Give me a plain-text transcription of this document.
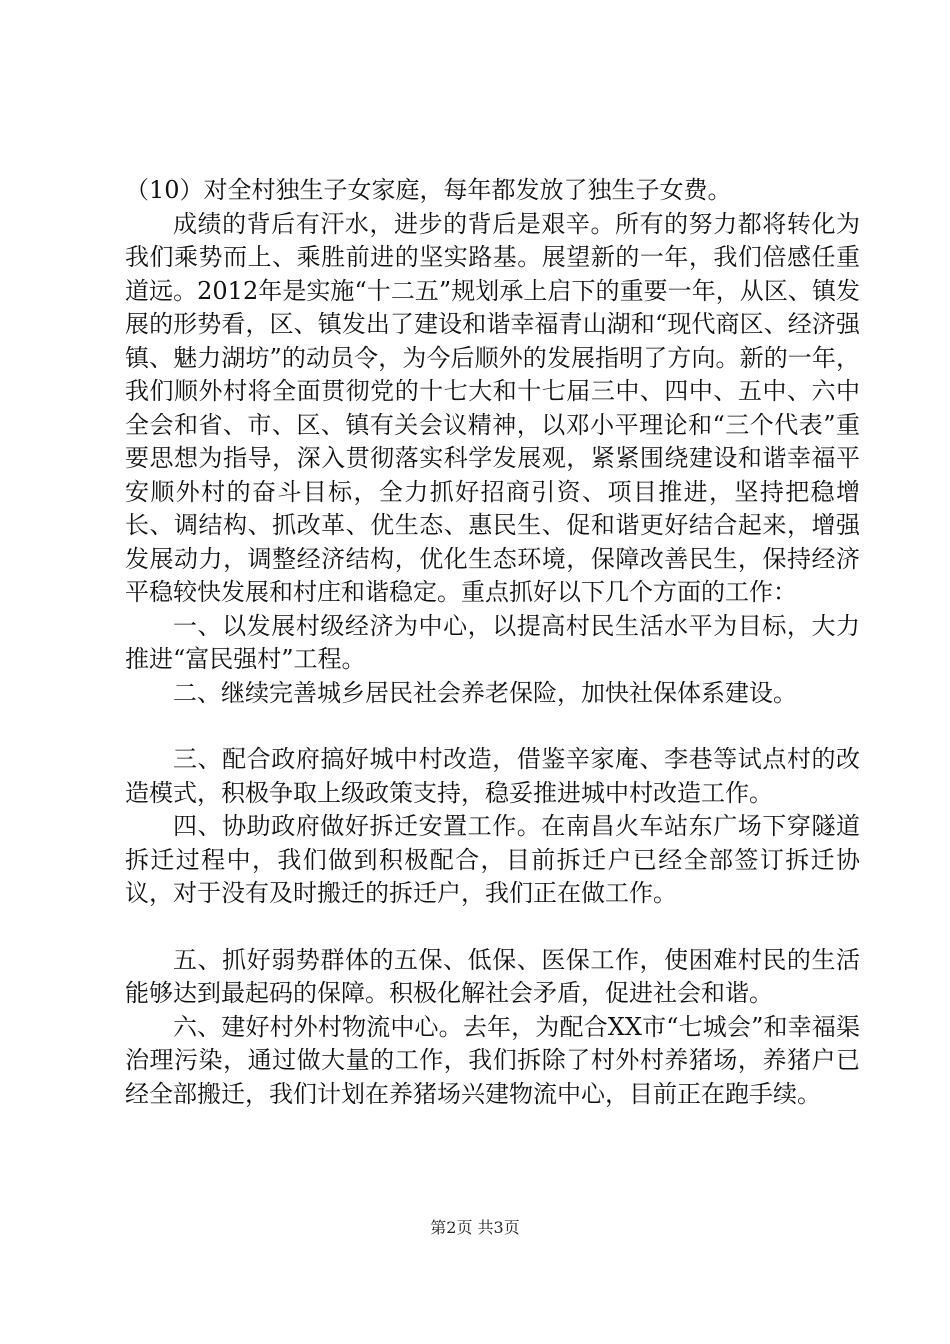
（10）对全村独生子女家庭，每年都发放了独生子女费。

成绩的背后有汗水，进步的背后是艰辛。所有的努力都将转化为我们乘势而上、乘胜前进的坚实路基。展望新的一年，我们倍感任重道远。2012年是实施“十二五”规划承上启下的重要一年，从区、镇发展的形势看，区、镇发出了建设和谐幸福青山湖和“现代商区、经济强镇、魅力湖坊”的动员令，为今后顺外的发展指明了方向。新的一年，我们顺外村将全面贯彻党的十七大和十七届三中、四中、五中、六中全会和省、市、区、镇有关会议精神，以邓小平理论和“三个代表”重要思想为指导，深入贯彻落实科学发展观，紧紧围绕建设和谐幸福平安顺外村的奋斗目标，全力抓好招商引资、项目推进，坚持把稳增长、调结构、抓改革、优生态、惠民生、促和谐更好结合起来，增强发展动力，调整经济结构，优化生态环境，保障改善民生，保持经济平稳较快发展和村庄和谐稳定。重点抓好以下几个方面的工作：

一、以发展村级经济为中心，以提高村民生活水平为目标，大力推进“富民强村”工程。

二、继续完善城乡居民社会养老保险，加快社保体系建设。

三、配合政府搞好城中村改造，借鉴辛家庵、李巷等试点村的改造模式，积极争取上级政策支持，稳妥推进城中村改造工作。

四、协助政府做好拆迁安置工作。在南昌火车站东广场下穿隧道拆迁过程中，我们做到积极配合，目前拆迁户已经全部签订拆迁协议，对于没有及时搬迁的拆迁户，我们正在做工作。

五、抓好弱势群体的五保、低保、医保工作，使困难村民的生活能够达到最起码的保障。积极化解社会矛盾，促进社会和谐。

六、建好村外村物流中心。去年，为配合XX市“七城会”和幸福渠治理污染，通过做大量的工作，我们拆除了村外村养猪场，养猪户已经全部搬迁，我们计划在养猪场兴建物流中心，目前正在跑手续。

第2页 共3页
